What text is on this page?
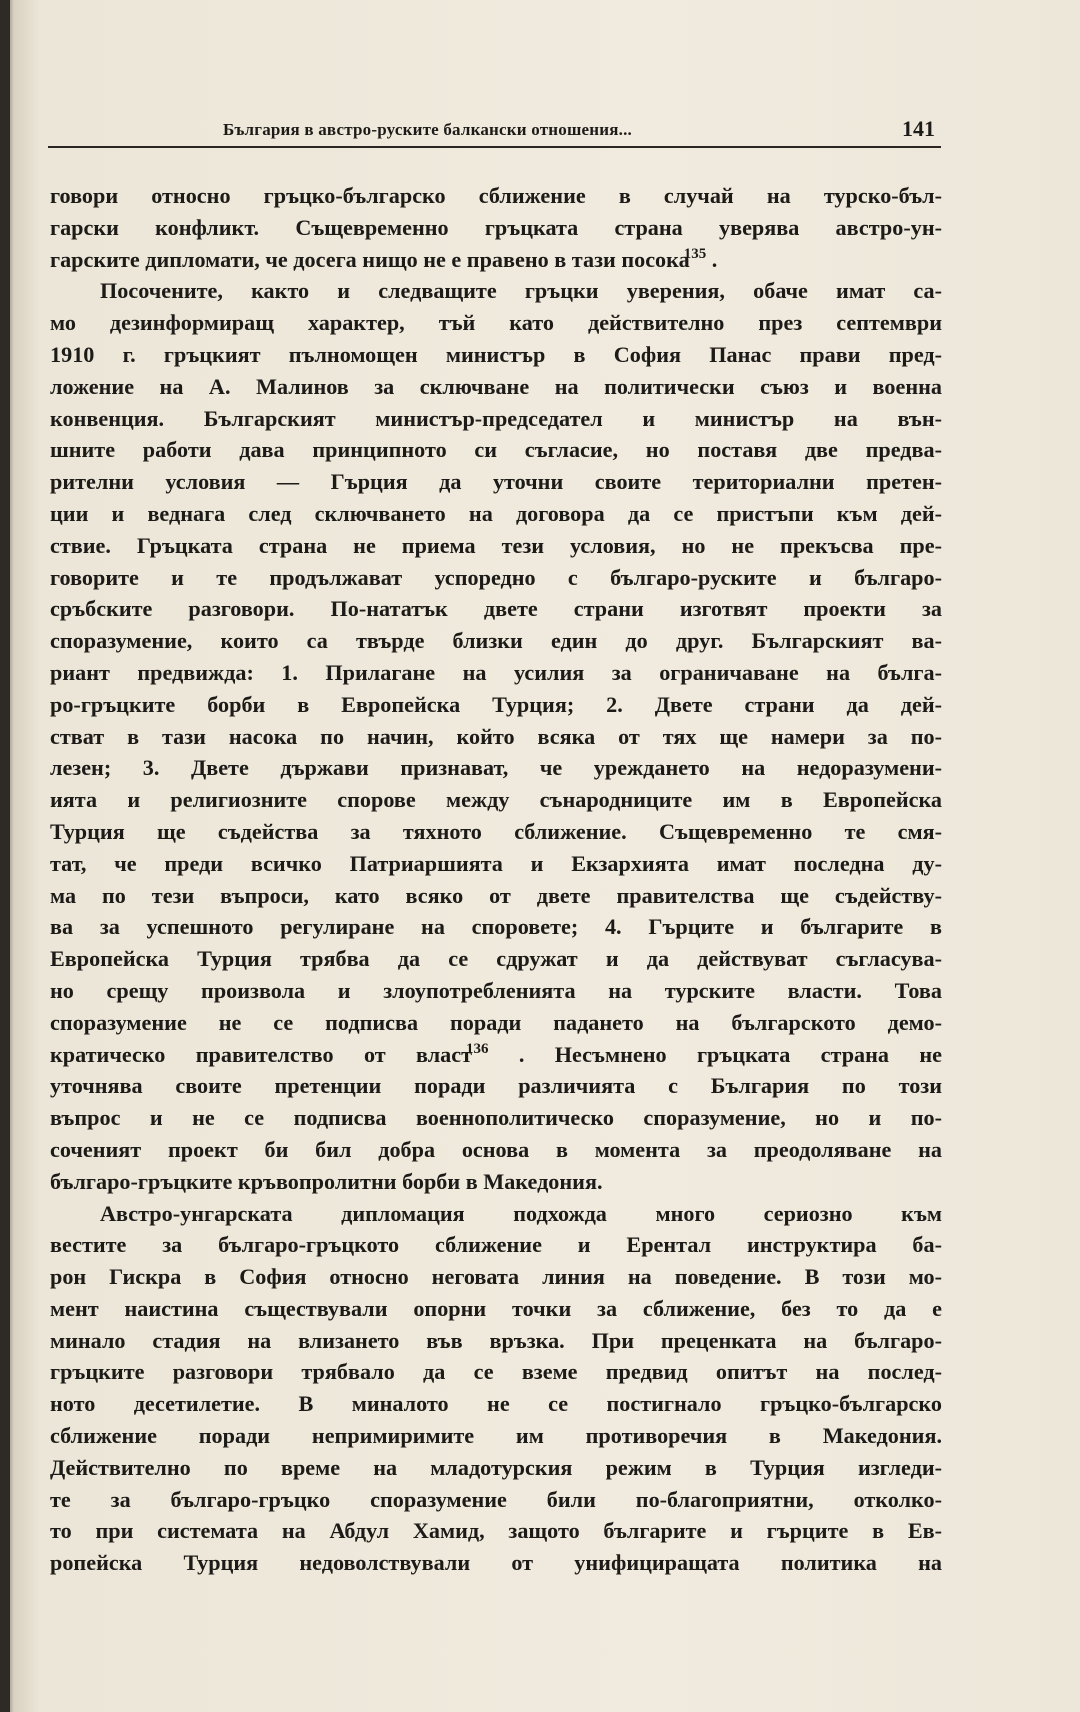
България в австро-руските балкански отношения...	141
говори относно гръцко-българско сближение в случай на турско-бъл-
гарски конфликт. Същевременно гръцката страна уверява австро-ун-
гарските дипломати, че досега нищо не е правено в тази посока$^{135}$ .
Посочените, както и следващите гръцки уверения, обаче имат са-
мо дезинформиращ характер, тъй като действително през септември
1910 г. гръцкият пълномощен министър в София Панас прави пред-
ложение на А. Малинов за сключване на политически съюз и военна
конвенция. Българският министър-председател и министър на вън-
шните работи дава принципното си съгласие, но поставя две предва-
рителни условия — Гърция да уточни своите териториални претен-
ции и веднага след сключването на договора да се пристъпи към дей-
ствие. Гръцката страна не приема тези условия, но не прекъсва пре-
говорите и те продължават успоредно с българо-руските и българо-
сръбските разговори. По-нататък двете страни изготвят проекти за
споразумение, които са твърде близки един до друг. Българският ва-
риант предвижда: 1. Прилагане на усилия за ограничаване на бълга-
ро-гръцките борби в Европейска Турция; 2. Двете страни да дей-
стват в тази насока по начин, който всяка от тях ще намери за по-
лезен; 3. Двете държави признават, че уреждането на недоразумени-
ията и религиозните спорове между сънародниците им в Европейска
Турция ще съдейства за тяхното сближение. Същевременно те смя-
тат, че преди всичко Патриаршията и Екзархията имат последна ду-
ма по тези въпроси, като всяко от двете правителства ще съдейству-
ва за успешното регулиране на споровете; 4. Гърците и българите в
Европейска Турция трябва да се сдружат и да действуват съгласува-
но срещу произвола и злоупотребленията на турските власти. Това
споразумение не се подписва поради падането на българското демо-
кратическо правителство от власт$^{136}$ . Несъмнено гръцката страна не
уточнява своите претенции поради различията с България по този
въпрос и не се подписва военнополитическо споразумение, но и по-
соченият проект би бил добра основа в момента за преодоляване на
българо-гръцките кръвопролитни борби в Македония.
Австро-унгарската дипломация подхожда много сериозно към
вестите за българо-гръцкото сближение и Ерентал инструктира ба-
рон Гискра в София относно неговата линия на поведение. В този мо-
мент наистина съществували опорни точки за сближение, без то да е
минало стадия на влизането във връзка. При преценката на българо-
гръцките разговори трябвало да се вземе предвид опитът на послед-
ното десетилетие. В миналото не се постигнало гръцко-българско
сближение поради непримиримите им противоречия в Македония.
Действително по време на младотурския режим в Турция изгледи-
те за българо-гръцко споразумение били по-благоприятни, отколко-
то при системата на Абдул Хамид, защото българите и гърците в Ев-
ропейска Турция недоволствували от унифициращата политика на
